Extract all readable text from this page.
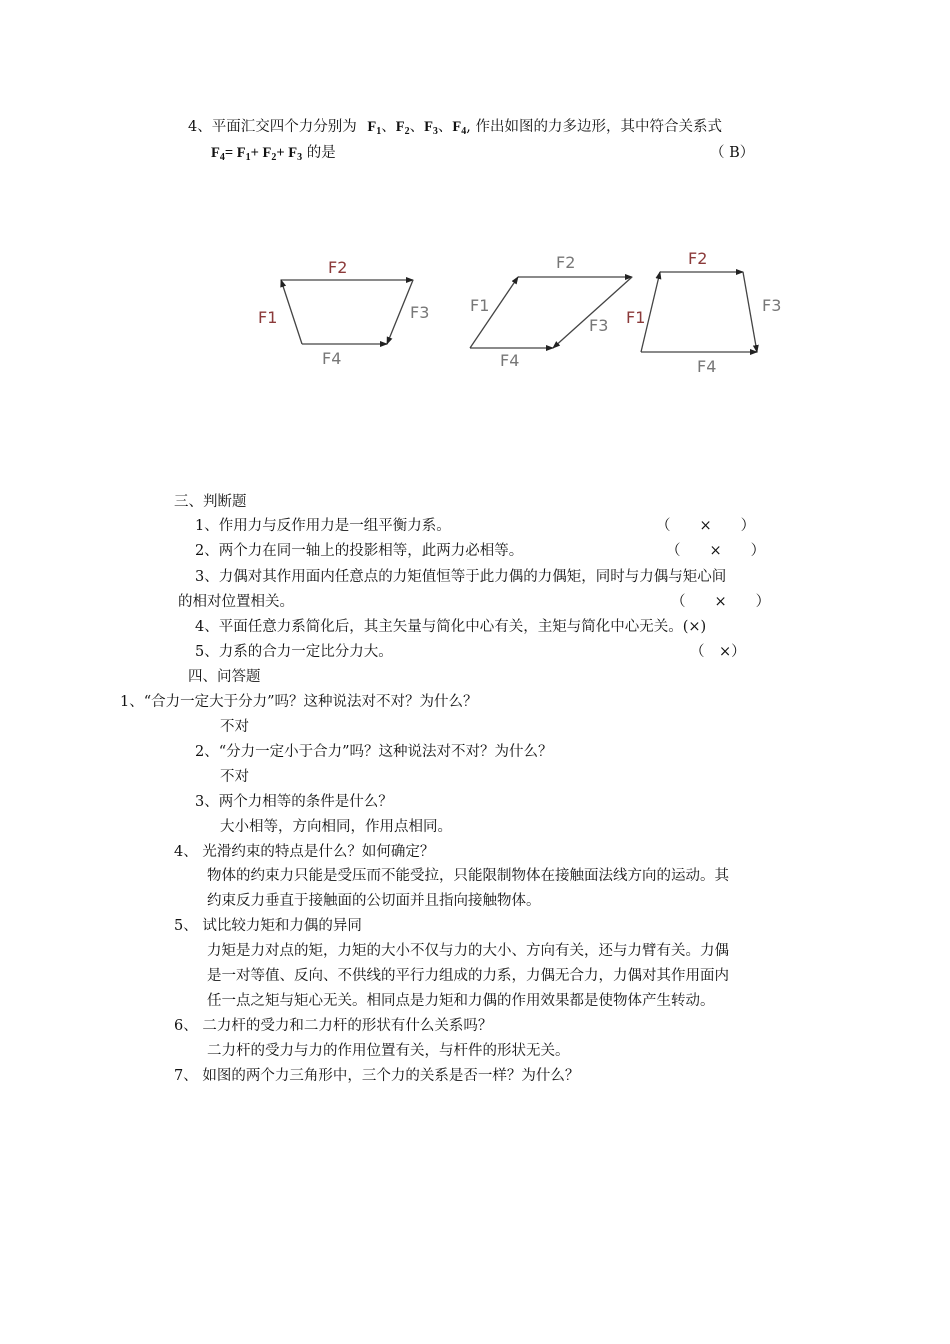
4、平面汇交四个力分别为 $F_1$、$F_2$、$F_3$、$F_4$, 作出如图的力多边形，其中符合关系式
$F_4= F_1+ F_2+ F_3$ 的是	（ B）
F2
F1	F3
F4
F2
F1
F3
F4
F2
F1
F3
F4
三、判断题
1、作用力与反作用力是一组平衡力系。	（　　×　　）
2、两个力在同一轴上的投影相等，此两力必相等。	（　　×　　）
3、力偶对其作用面内任意点的力矩值恒等于此力偶的力偶矩，同时与力偶与矩心间
的相对位置相关。	（　　×　　）
4、平面任意力系简化后，其主矢量与简化中心有关，主矩与简化中心无关。(×)
5、力系的合力一定比分力大。	（　×）
四、问答题
1、“合力一定大于分力”吗？这种说法对不对？为什么？
不对
2、“分力一定小于合力”吗？这种说法对不对？为什么？
不对
3、两个力相等的条件是什么？
大小相等，方向相同，作用点相同。
4、 光滑约束的特点是什么？如何确定？
物体的约束力只能是受压而不能受拉，只能限制物体在接触面法线方向的运动。其
约束反力垂直于接触面的公切面并且指向接触物体。
5、 试比较力矩和力偶的异同
力矩是力对点的矩，力矩的大小不仅与力的大小、方向有关，还与力臂有关。力偶
是一对等值、反向、不供线的平行力组成的力系，力偶无合力，力偶对其作用面内
任一点之矩与矩心无关。相同点是力矩和力偶的作用效果都是使物体产生转动。
6、 二力杆的受力和二力杆的形状有什么关系吗？
二力杆的受力与力的作用位置有关，与杆件的形状无关。
7、 如图的两个力三角形中，三个力的关系是否一样？为什么？
